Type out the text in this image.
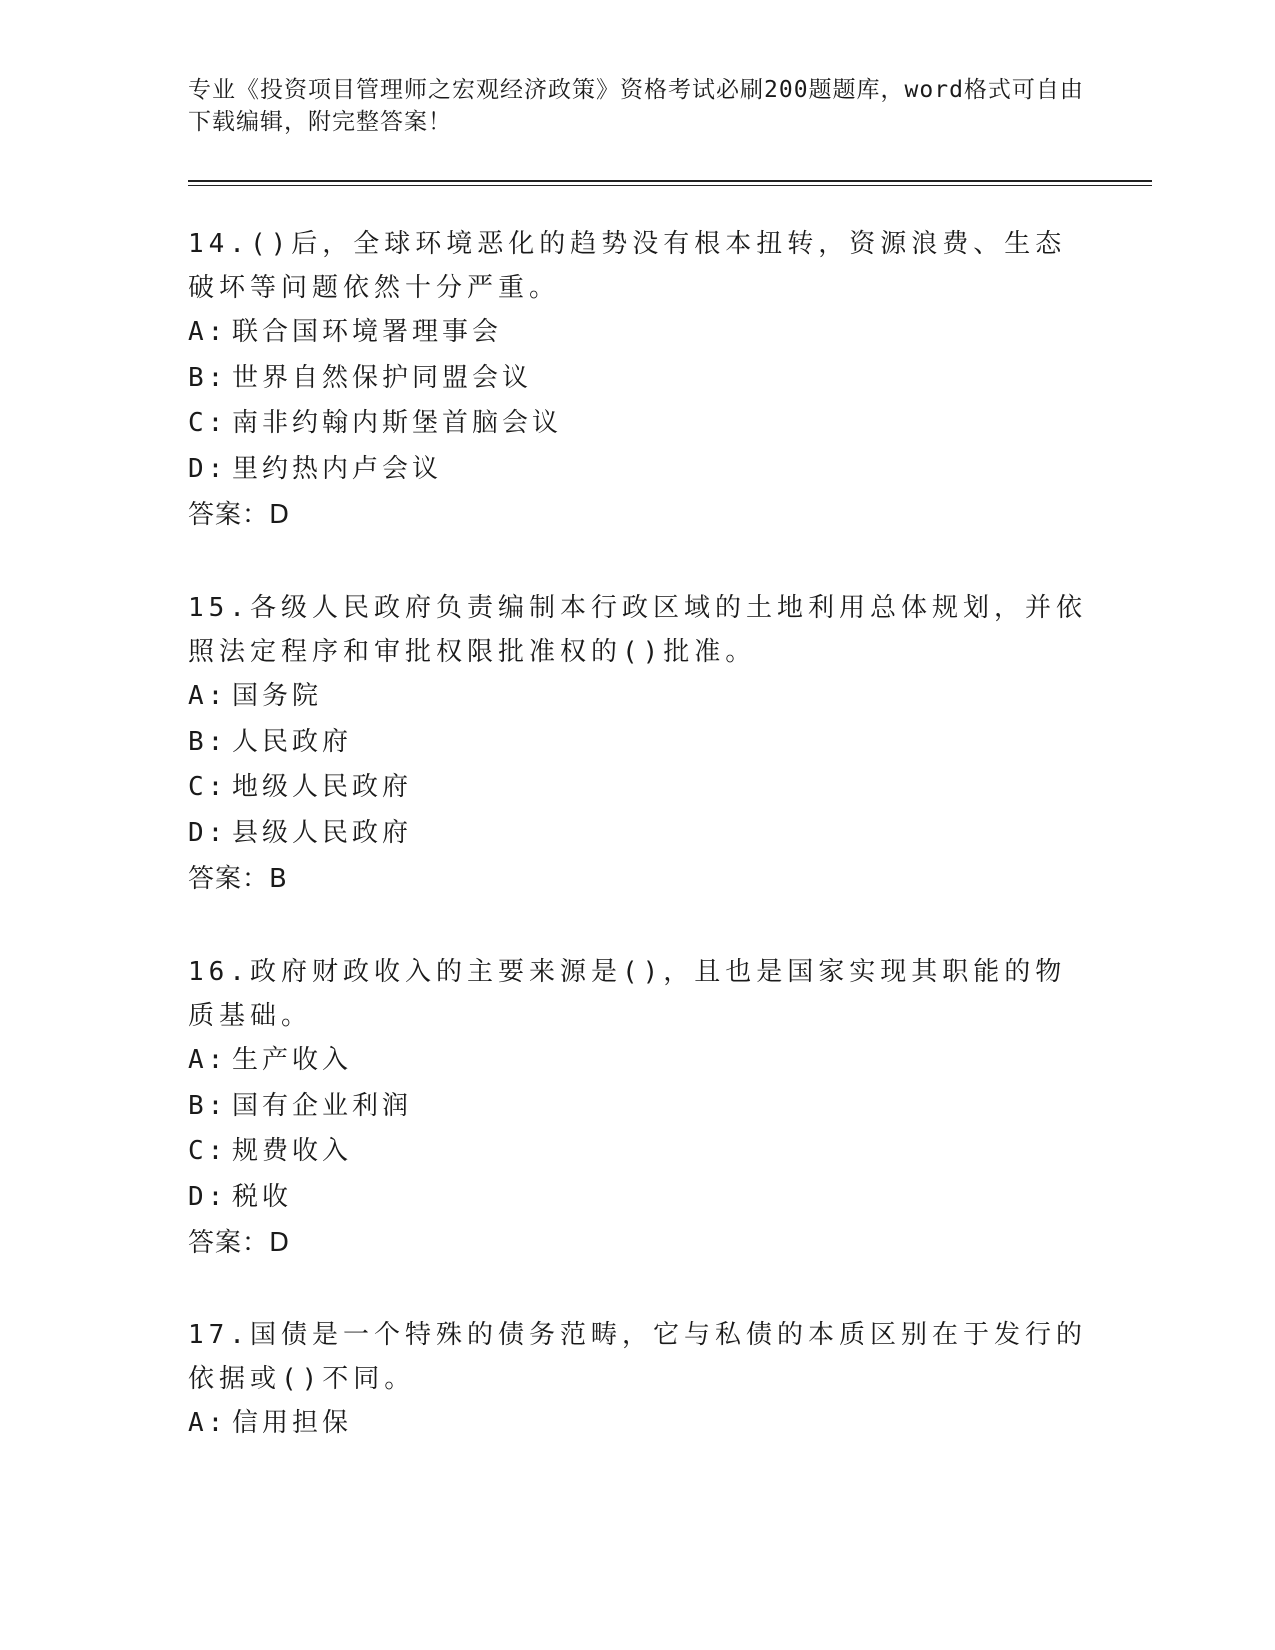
专业《投资项目管理师之宏观经济政策》资格考试必刷200题题库，word格式可自由下载编辑，附完整答案！

14.()后，全球环境恶化的趋势没有根本扭转，资源浪费、生态破坏等问题依然十分严重。

A: 联合国环境署理事会

B: 世界自然保护同盟会议

C: 南非约翰内斯堡首脑会议

D: 里约热内卢会议

答案：D

15.各级人民政府负责编制本行政区域的土地利用总体规划，并依照法定程序和审批权限批准权的()批准。

A: 国务院

B: 人民政府

C: 地级人民政府

D: 县级人民政府

答案：B

16.政府财政收入的主要来源是()，且也是国家实现其职能的物质基础。

A: 生产收入

B: 国有企业利润

C: 规费收入

D: 税收

答案：D

17.国债是一个特殊的债务范畴，它与私债的本质区别在于发行的依据或()不同。

A: 信用担保
